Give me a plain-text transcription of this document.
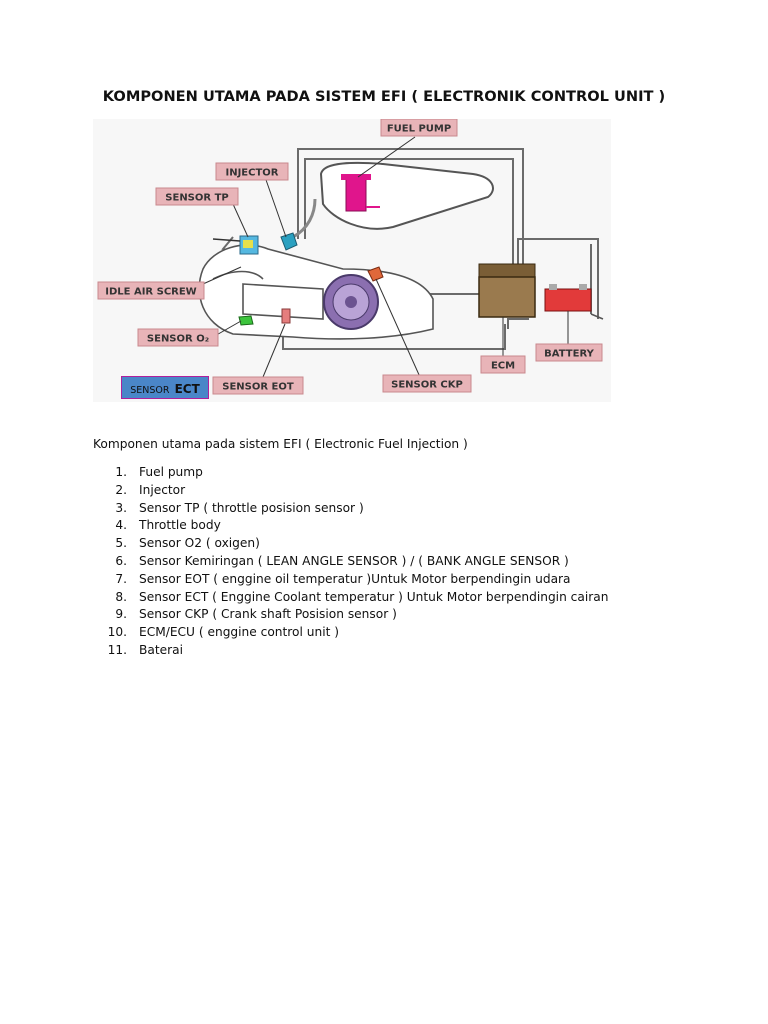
KOMPONEN UTAMA PADA SISTEM EFI ( ELECTRONIK CONTROL UNIT )
FUEL PUMP
INJECTOR
SENSOR TP
IDLE AIR SCREW
SENSOR O₂
SENSOR EOT	SENSOR CKP
ECM
BATTERY
SENSOR ECT

Komponen utama pada sistem EFI ( Electronic Fuel Injection )

1. Fuel pump
2. Injector
3. Sensor TP ( throttle posision sensor )
4. Throttle body
5. Sensor O2 ( oxigen)
6. Sensor Kemiringan ( LEAN ANGLE SENSOR ) / ( BANK ANGLE SENSOR )
7. Sensor EOT ( enggine oil temperatur )Untuk Motor berpendingin udara
8. Sensor ECT ( Enggine Coolant temperatur ) Untuk Motor berpendingin cairan
9. Sensor CKP ( Crank shaft Posision sensor )
10. ECM/ECU ( enggine control unit )
11. Baterai
